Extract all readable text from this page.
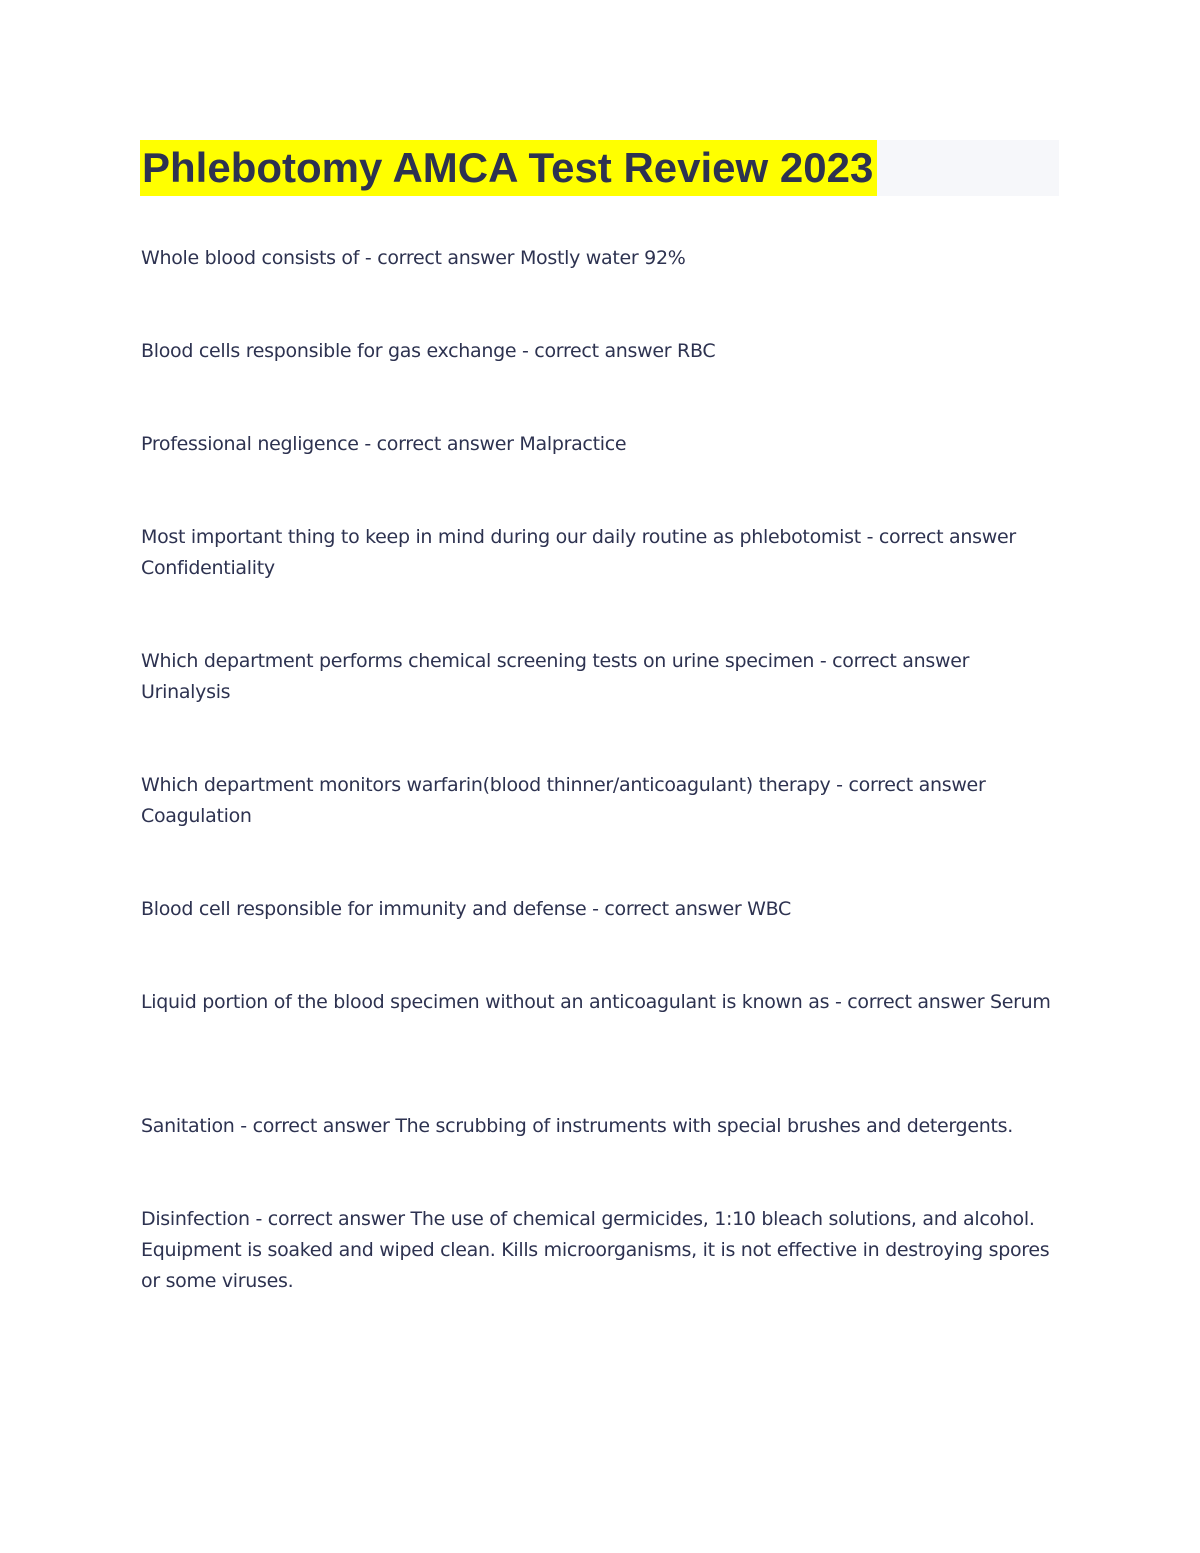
Phlebotomy AMCA Test Review 2023
Whole blood consists of - correct answer Mostly water 92%
Blood cells responsible for gas exchange - correct answer RBC
Professional negligence - correct answer Malpractice
Most important thing to keep in mind during our daily routine as phlebotomist - correct answer Confidentiality
Which department performs chemical screening tests on urine specimen - correct answer Urinalysis
Which department monitors warfarin(blood thinner/anticoagulant) therapy - correct answer Coagulation
Blood cell responsible for immunity and defense - correct answer WBC
Liquid portion of the blood specimen without an anticoagulant is known as - correct answer Serum
Sanitation - correct answer The scrubbing of instruments with special brushes and detergents.
Disinfection - correct answer The use of chemical germicides, 1:10 bleach solutions, and alcohol. Equipment is soaked and wiped clean. Kills microorganisms, it is not effective in destroying spores or some viruses.
